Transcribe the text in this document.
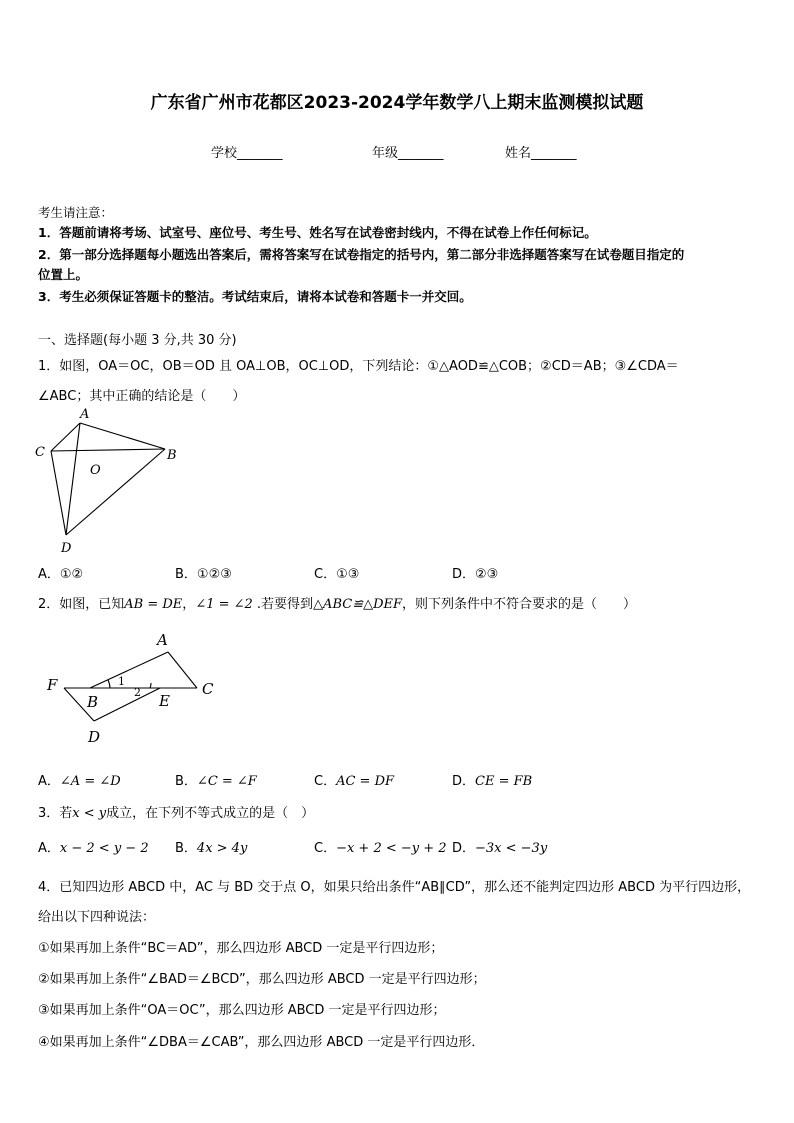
广东省广州市花都区2023-2024学年数学八上期末监测模拟试题
学校_______	年级_______	姓名_______
考生请注意：
1．答题前请将考场、试室号、座位号、考生号、姓名写在试卷密封线内，不得在试卷上作任何标记。
2．第一部分选择题每小题选出答案后，需将答案写在试卷指定的括号内，第二部分非选择题答案写在试卷题目指定的
位置上。
3．考生必须保证答题卡的整洁。考试结束后，请将本试卷和答题卡一并交回。
一、选择题(每小题 3 分,共 30 分)
1．如图，OA＝OC，OB＝OD 且 OA⊥OB，OC⊥OD，下列结论：①△AOD≌△COB；②CD＝AB；③∠CDA＝
∠ABC；其中正确的结论是（　　）
A
C	B
O
D
A．①②	B．①②③	C．①③	D．②③
2．如图，已知AB = DE，∠1 = ∠2 .若要得到△ABC≌△DEF，则下列条件中不符合要求的是（　　）
A
F	C
B	E
D
1
2
A．∠A = ∠D	B．∠C = ∠F	C．AC = DF	D．CE = FB
3．若x < y成立，在下列不等式成立的是（　）
A．x − 2 < y − 2 B．4x > 4y	C．−x + 2 < −y + 2 D．−3x < −3y
4．已知四边形 ABCD 中，AC 与 BD 交于点 O，如果只给出条件“AB∥CD”，那么还不能判定四边形 ABCD 为平行四边形，
给出以下四种说法：
①如果再加上条件“BC＝AD”，那么四边形 ABCD 一定是平行四边形；
②如果再加上条件“∠BAD＝∠BCD”，那么四边形 ABCD 一定是平行四边形；
③如果再加上条件“OA＝OC”，那么四边形 ABCD 一定是平行四边形；
④如果再加上条件“∠DBA＝∠CAB”，那么四边形 ABCD 一定是平行四边形．
